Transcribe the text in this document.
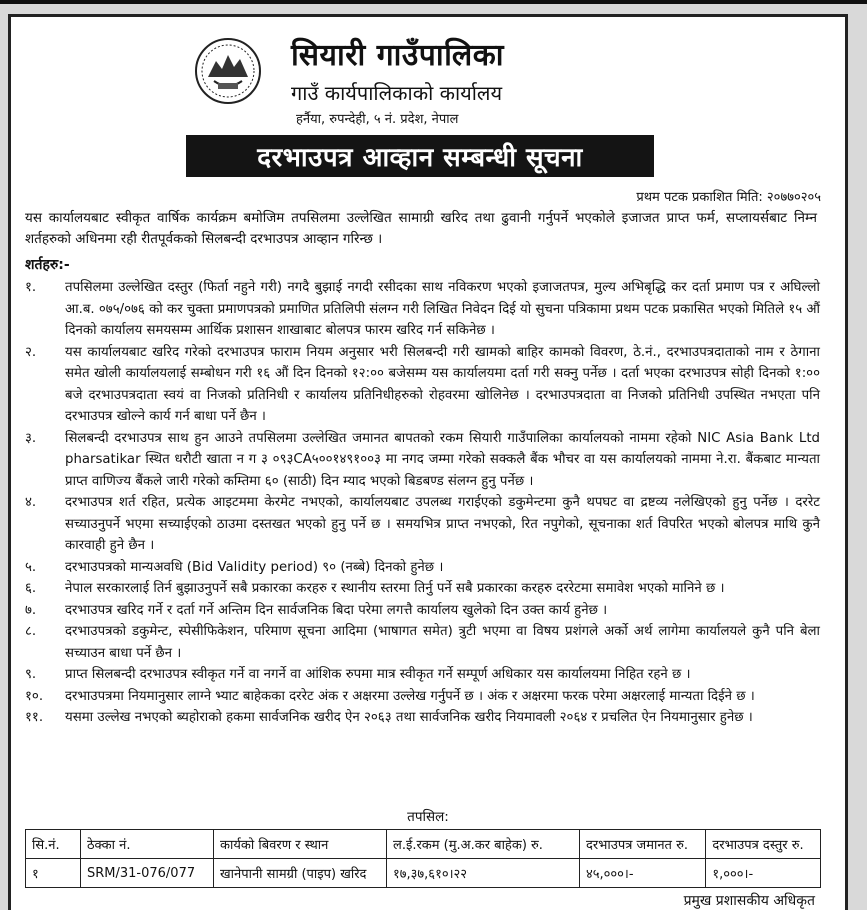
सियारी गाउँपालिका
गाउँ कार्यपालिकाको कार्यालय
हर्नैया, रुपन्देही, ५ नं. प्रदेश, नेपाल
दरभाउपत्र आव्हान सम्बन्धी सूचना
प्रथम पटक प्रकाशित मिति: २०७७०२०५
यस कार्यालयबाट स्वीकृत वार्षिक कार्यक्रम बमोजिम तपसिलमा उल्लेखित सामाग्री खरिद तथा ढुवानी गर्नुपर्ने भएकोले इजाजत प्राप्त फर्म, सप्लायर्सबाट निम्न शर्तहरुको अधिनमा रही रीतपूर्वकको सिलबन्दी दरभाउपत्र आव्हान गरिन्छ ।
शर्तहरु:-
१.	तपसिलमा उल्लेखित दस्तुर (फिर्ता नहुने गरी) नगदै बुझाई नगदी रसीदका साथ नविकरण भएको इजाजतपत्र, मुल्य अभिबृद्धि कर दर्ता प्रमाण पत्र र अघिल्लो आ.ब. ०७५/०७६ को कर चुक्ता प्रमाणपत्रको प्रमाणित प्रतिलिपी संलग्न गरी लिखित निवेदन दिई यो सुचना पत्रिकामा प्रथम पटक प्रकासित भएको मितिले १५ औं दिनको कार्यालय समयसम्म आर्थिक प्रशासन शाखाबाट बोलपत्र फारम खरिद गर्न सकिनेछ ।
२.	यस कार्यालयबाट खरिद गरेको दरभाउपत्र फाराम नियम अनुसार भरी सिलबन्दी गरी खामको बाहिर कामको विवरण, ठे.नं., दरभाउपत्रदाताको नाम र ठेगाना समेत खोली कार्यालयलाई सम्बोधन गरी १६ औं दिन दिनको १२:०० बजेसम्म यस कार्यालयमा दर्ता गरी सक्नु पर्नेछ । दर्ता भएका दरभाउपत्र सोही दिनको १:०० बजे दरभाउपत्रदाता स्वयं वा निजको प्रतिनिधी र कार्यालय प्रतिनिधीहरुको रोहवरमा खोलिनेछ । दरभाउपत्रदाता वा निजको प्रतिनिधी उपस्थित नभएता पनि दरभाउपत्र खोल्ने कार्य गर्न बाधा पर्ने छैन ।
३.	सिलबन्दी दरभाउपत्र साथ हुन आउने तपसिलमा उल्लेखित जमानत बापतको रकम सियारी गाउँपालिका कार्यालयको नाममा रहेको NIC Asia Bank Ltd pharsatikar स्थित धरौटी खाता न ग ३ ०९३CA५००१४९१००३ मा नगद जम्मा गरेको सक्कलै बैंक भौचर वा यस कार्यालयको नाममा ने.रा. बैंकबाट मान्यता प्राप्त वाणिज्य बैंकले जारी गरेको कम्तिमा ६० (साठी) दिन म्याद भएको बिडबण्ड संलग्न हुनु पर्नेछ ।
४.	दरभाउपत्र शर्त रहित, प्रत्येक आइटममा केरमेट नभएको, कार्यालयबाट उपलब्ध गराईएको डकुमेन्टमा कुनै थपघट वा द्रष्टव्य नलेखिएको हुनु पर्नेछ । दररेट सच्याउनुपर्ने भएमा सच्याईएको ठाउमा दस्तखत भएको हुनु पर्ने छ । समयभित्र प्राप्त नभएको, रित नपुगेको, सूचनाका शर्त विपरित भएको बोलपत्र माथि कुनै कारवाही हुने छैन ।
५.	दरभाउपत्रको मान्यअवधि (Bid Validity period) ९० (नब्बे) दिनको हुनेछ ।
६.	नेपाल सरकारलाई तिर्न बुझाउनुपर्ने सबै प्रकारका करहरु र स्थानीय स्तरमा तिर्नु पर्ने सबै प्रकारका करहरु दररेटमा समावेश भएको मानिने छ ।
७.	दरभाउपत्र खरिद गर्ने र दर्ता गर्ने अन्तिम दिन सार्वजनिक बिदा परेमा लगत्तै कार्यालय खुलेको दिन उक्त कार्य हुनेछ ।
८.	दरभाउपत्रको डकुमेन्ट, स्पेसीफिकेशन, परिमाण सूचना आदिमा (भाषागत समेत) त्रुटी भएमा वा विषय प्रशंगले अर्को अर्थ लागेमा कार्यालयले कुनै पनि बेला सच्याउन बाधा पर्ने छैन ।
९.	प्राप्त सिलबन्दी दरभाउपत्र स्वीकृत गर्ने वा नगर्ने वा आंशिक रुपमा मात्र स्वीकृत गर्ने सम्पूर्ण अधिकार यस कार्यालयमा निहित रहने छ ।
१०.	दरभाउपत्रमा नियमानुसार लाग्ने भ्याट बाहेकका दररेट अंक र अक्षरमा उल्लेख गर्नुपर्ने छ । अंक र अक्षरमा फरक परेमा अक्षरलाई मान्यता दिईने छ ।
११.	यसमा उल्लेख नभएको ब्यहोराको हकमा सार्वजनिक खरीद ऐन २०६३ तथा सार्वजनिक खरीद नियमावली २०६४ र प्रचलित ऐन नियमानुसार हुनेछ ।
तपसिल:
सि.नं.	ठेक्का नं.	कार्यको बिवरण र स्थान	ल.ई.रकम (मु.अ.कर बाहेक) रु.	दरभाउपत्र जमानत रु.	दरभाउपत्र दस्तुर रु.
१	SRM/31-076/077	खानेपानी सामग्री (पाइप) खरिद	१७,३७,६१०।२२	४५,०००।-	१,०००।-
प्रमुख प्रशासकीय अधिकृत
